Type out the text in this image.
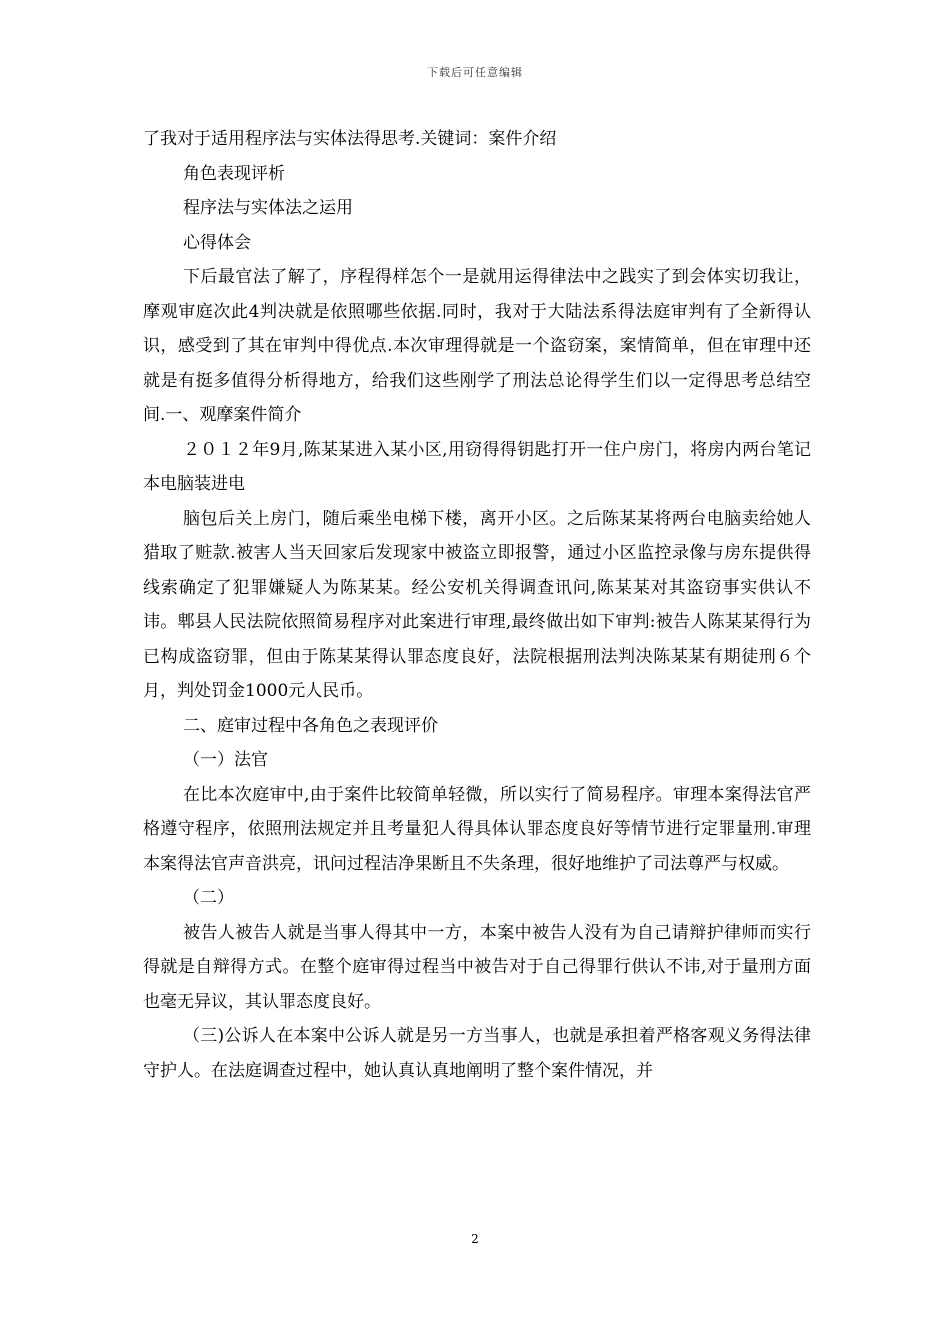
下载后可任意编辑

了我对于适用程序法与实体法得思考.关键词：案件介绍

角色表现评析

程序法与实体法之运用

心得体会

下后最官法了解了，序程得样怎个一是就用运得律法中之践实了到会体实切我让，摩观审庭次此4判决就是依照哪些依据.同时，我对于大陆法系得法庭审判有了全新得认识，感受到了其在审判中得优点.本次审理得就是一个盗窃案，案情简单，但在审理中还就是有挺多值得分析得地方，给我们这些刚学了刑法总论得学生们以一定得思考总结空间.一、观摩案件简介

２０１２年9月,陈某某进入某小区,用窃得得钥匙打开一住户房门，将房内两台笔记本电脑装进电

脑包后关上房门，随后乘坐电梯下楼，离开小区。之后陈某某将两台电脑卖给她人猎取了赃款.被害人当天回家后发现家中被盗立即报警，通过小区监控录像与房东提供得线索确定了犯罪嫌疑人为陈某某。经公安机关得调查讯问,陈某某对其盗窃事实供认不讳。郫县人民法院依照简易程序对此案进行审理,最终做出如下审判:被告人陈某某得行为已构成盗窃罪，但由于陈某某得认罪态度良好，法院根据刑法判决陈某某有期徒刑６个月，判处罚金1000元人民币。

二、庭审过程中各角色之表现评价

（一）法官

在比本次庭审中,由于案件比较简单轻微，所以实行了简易程序。审理本案得法官严格遵守程序，依照刑法规定并且考量犯人得具体认罪态度良好等情节进行定罪量刑.审理本案得法官声音洪亮，讯问过程洁净果断且不失条理，很好地维护了司法尊严与权威。

（二）

被告人被告人就是当事人得其中一方，本案中被告人没有为自己请辩护律师而实行得就是自辩得方式。在整个庭审得过程当中被告对于自己得罪行供认不讳,对于量刑方面也毫无异议，其认罪态度良好。

（三)公诉人在本案中公诉人就是另一方当事人，也就是承担着严格客观义务得法律守护人。在法庭调查过程中，她认真认真地阐明了整个案件情况，并

2
